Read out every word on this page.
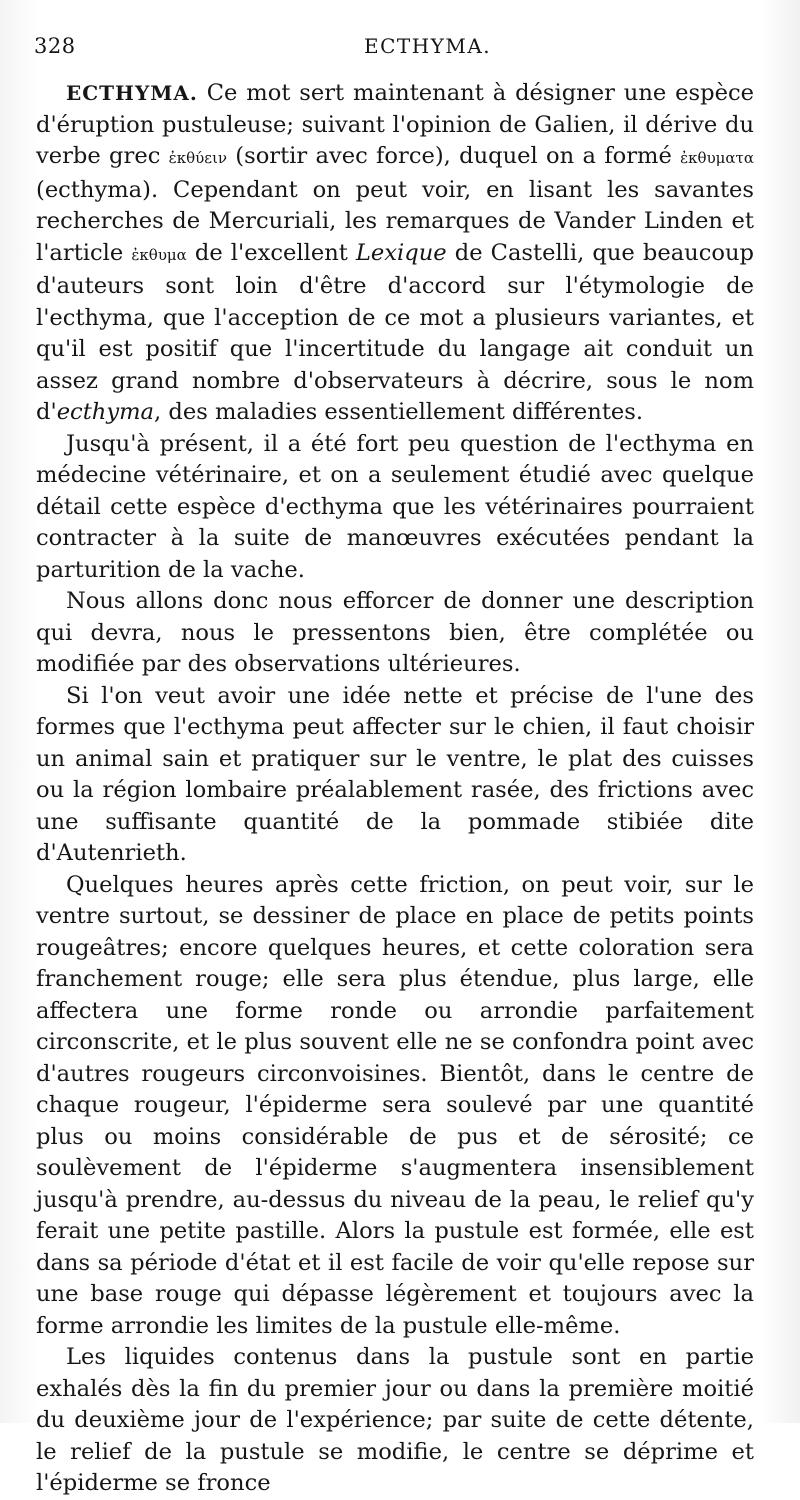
328	ECTHYMA.

ECTHYMA. Ce mot sert maintenant à désigner une espèce d'éruption pustuleuse; suivant l'opinion de Galien, il dérive du verbe grec ἐκθύειν (sortir avec force), duquel on a formé ἐκθυματα (ecthyma). Cependant on peut voir, en lisant les savantes recherches de Mercuriali, les remarques de Vander Linden et l'article ἐκθυμα de l'excellent Lexique de Castelli, que beaucoup d'auteurs sont loin d'être d'accord sur l'étymologie de l'ecthyma, que l'acception de ce mot a plusieurs variantes, et qu'il est positif que l'incertitude du langage ait conduit un assez grand nombre d'observateurs à décrire, sous le nom d'ecthyma, des maladies essentiellement différentes.

Jusqu'à présent, il a été fort peu question de l'ecthyma en médecine vétérinaire, et on a seulement étudié avec quelque détail cette espèce d'ecthyma que les vétérinaires pourraient contracter à la suite de manœuvres exécutées pendant la parturition de la vache.

Nous allons donc nous efforcer de donner une description qui devra, nous le pressentons bien, être complétée ou modifiée par des observations ultérieures.

Si l'on veut avoir une idée nette et précise de l'une des formes que l'ecthyma peut affecter sur le chien, il faut choisir un animal sain et pratiquer sur le ventre, le plat des cuisses ou la région lombaire préalablement rasée, des frictions avec une suffisante quantité de la pommade stibiée dite d'Autenrieth.

Quelques heures après cette friction, on peut voir, sur le ventre surtout, se dessiner de place en place de petits points rougeâtres; encore quelques heures, et cette coloration sera franchement rouge; elle sera plus étendue, plus large, elle affectera une forme ronde ou arrondie parfaitement circonscrite, et le plus souvent elle ne se confondra point avec d'autres rougeurs circonvoisines. Bientôt, dans le centre de chaque rougeur, l'épiderme sera soulevé par une quantité plus ou moins considérable de pus et de sérosité; ce soulèvement de l'épiderme s'augmentera insensiblement jusqu'à prendre, au-dessus du niveau de la peau, le relief qu'y ferait une petite pastille. Alors la pustule est formée, elle est dans sa période d'état et il est facile de voir qu'elle repose sur une base rouge qui dépasse légèrement et toujours avec la forme arrondie les limites de la pustule elle-même.

Les liquides contenus dans la pustule sont en partie exhalés dès la fin du premier jour ou dans la première moitié du deuxième jour de l'expérience; par suite de cette détente, le relief de la pustule se modifie, le centre se déprime et l'épiderme se fronce
